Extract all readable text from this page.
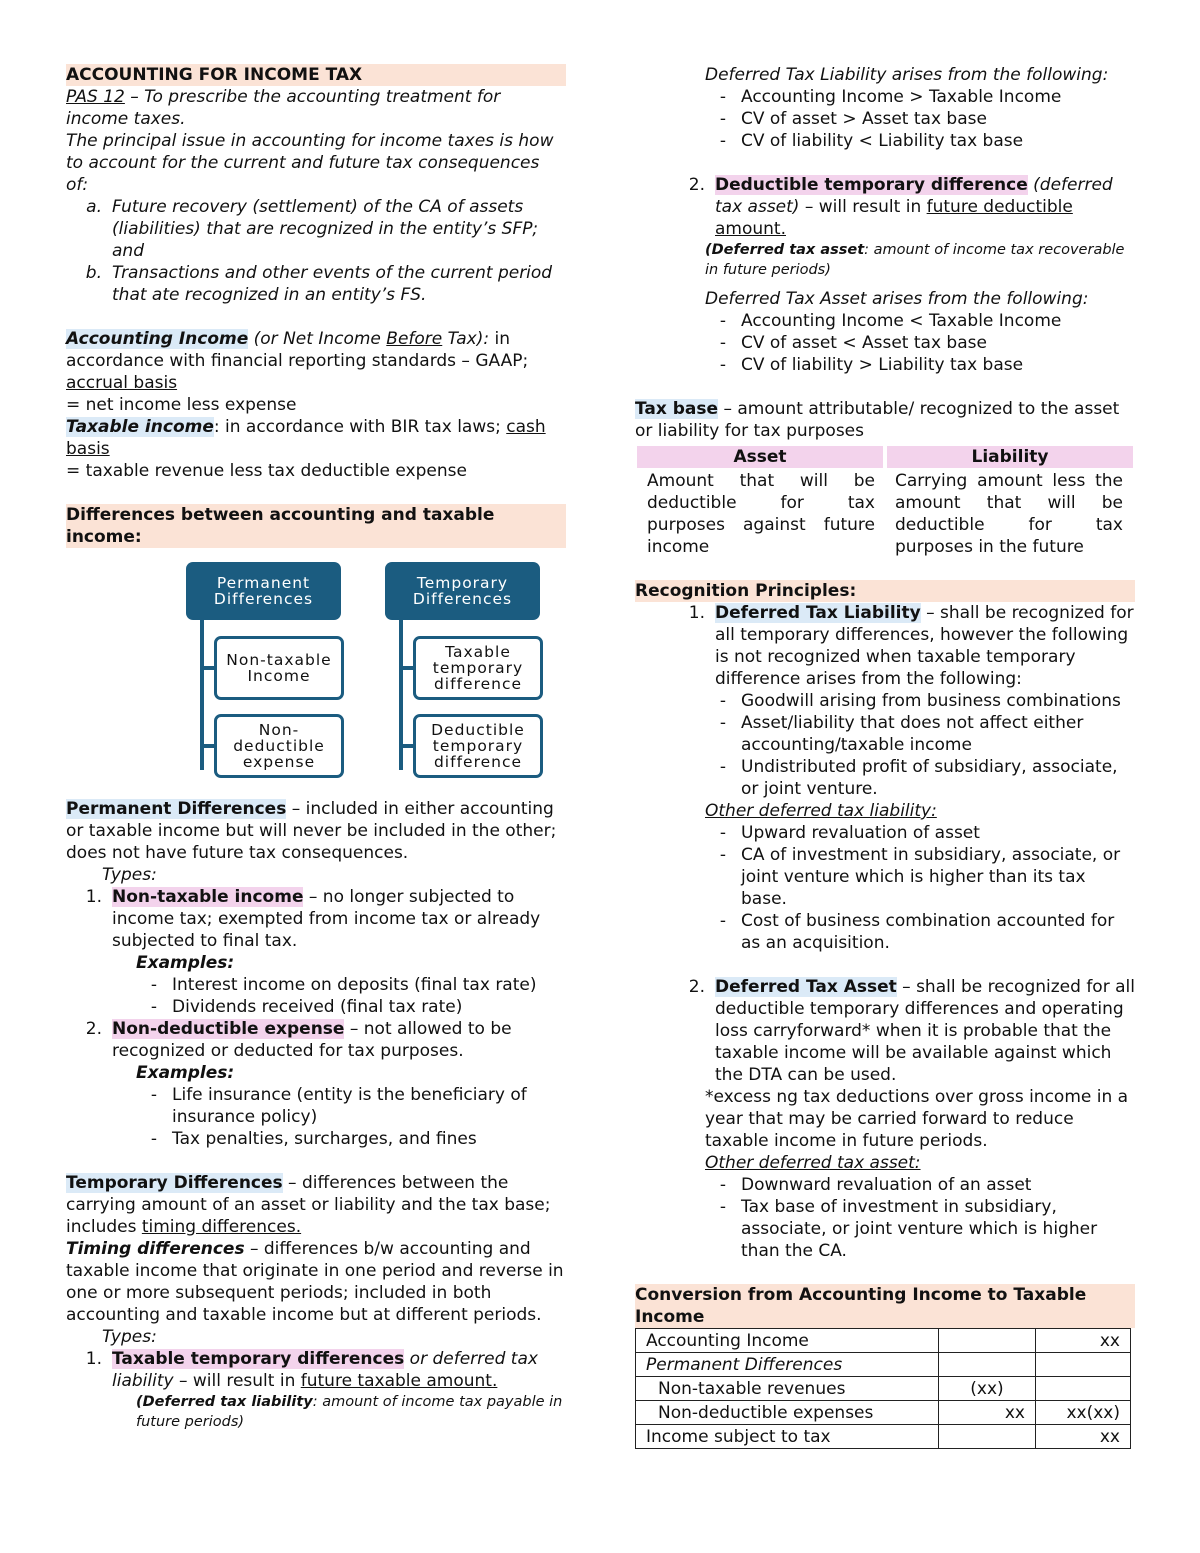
ACCOUNTING FOR INCOME TAX

PAS 12 – To prescribe the accounting treatment for income taxes.

The principal issue in accounting for income taxes is how to account for the current and future tax consequences of:

a. Future recovery (settlement) of the CA of assets (liabilities) that are recognized in the entity’s SFP; and
b. Transactions and other events of the current period that ate recognized in an entity’s FS.

Accounting Income (or Net Income Before Tax): in accordance with financial reporting standards – GAAP; accrual basis

= net income less expense

Taxable income: in accordance with BIR tax laws; cash basis

= taxable revenue less tax deductible expense

Differences between accounting and taxable income:

Permanent Differences
Temporary Differences
Non-taxable Income
Non-deductible expense
Taxable temporary difference
Deductible temporary difference

Permanent Differences – included in either accounting or taxable income but will never be included in the other; does not have future tax consequences.

Types:

1. Non-taxable income – no longer subjected to income tax; exempted from income tax or already subjected to final tax.

Examples:

- Interest income on deposits (final tax rate)
- Dividends received (final tax rate)
2. Non-deductible expense – not allowed to be recognized or deducted for tax purposes.

Examples:

- Life insurance (entity is the beneficiary of insurance policy)
- Tax penalties, surcharges, and fines

Temporary Differences – differences between the carrying amount of an asset or liability and the tax base; includes timing differences.

Timing differences – differences b/w accounting and taxable income that originate in one period and reverse in one or more subsequent periods; included in both accounting and taxable income but at different periods.

Types:

1. Taxable temporary differences or deferred tax liability – will result in future taxable amount.

(Deferred tax liability: amount of income tax payable in future periods)

Deferred Tax Liability arises from the following:

- Accounting Income > Taxable Income
- CV of asset > Asset tax base
- CV of liability < Liability tax base
2. Deductible temporary difference (deferred tax asset) – will result in future deductible amount.

(Deferred tax asset: amount of income tax recoverable in future periods)

Deferred Tax Asset arises from the following:

- Accounting Income < Taxable Income
- CV of asset < Asset tax base
- CV of liability > Liability tax base

Tax base – amount attributable/ recognized to the asset or liability for tax purposes

Asset	Liability
Amount that will be deductible for tax purposes against future income	Carrying amount less the amount that will be deductible for tax purposes in the future

Recognition Principles:

1. Deferred Tax Liability – shall be recognized for all temporary differences, however the following is not recognized when taxable temporary difference arises from the following:
- Goodwill arising from business combinations
- Asset/liability that does not affect either accounting/taxable income
- Undistributed profit of subsidiary, associate, or joint venture.

Other deferred tax liability:

- Upward revaluation of asset
- CA of investment in subsidiary, associate, or joint venture which is higher than its tax base.
- Cost of business combination accounted for as an acquisition.
2. Deferred Tax Asset – shall be recognized for all deductible temporary differences and operating loss carryforward* when it is probable that the taxable income will be available against which the DTA can be used.

*excess ng tax deductions over gross income in a year that may be carried forward to reduce taxable income in future periods.

Other deferred tax asset:

- Downward revaluation of an asset
- Tax base of investment in subsidiary, associate, or joint venture which is higher than the CA.

Conversion from Accounting Income to Taxable Income

Accounting Income		xx
Permanent Differences		
Non-taxable revenues	(xx)	
Non-deductible expenses	xx	xx(xx)
Income subject to tax		xx
